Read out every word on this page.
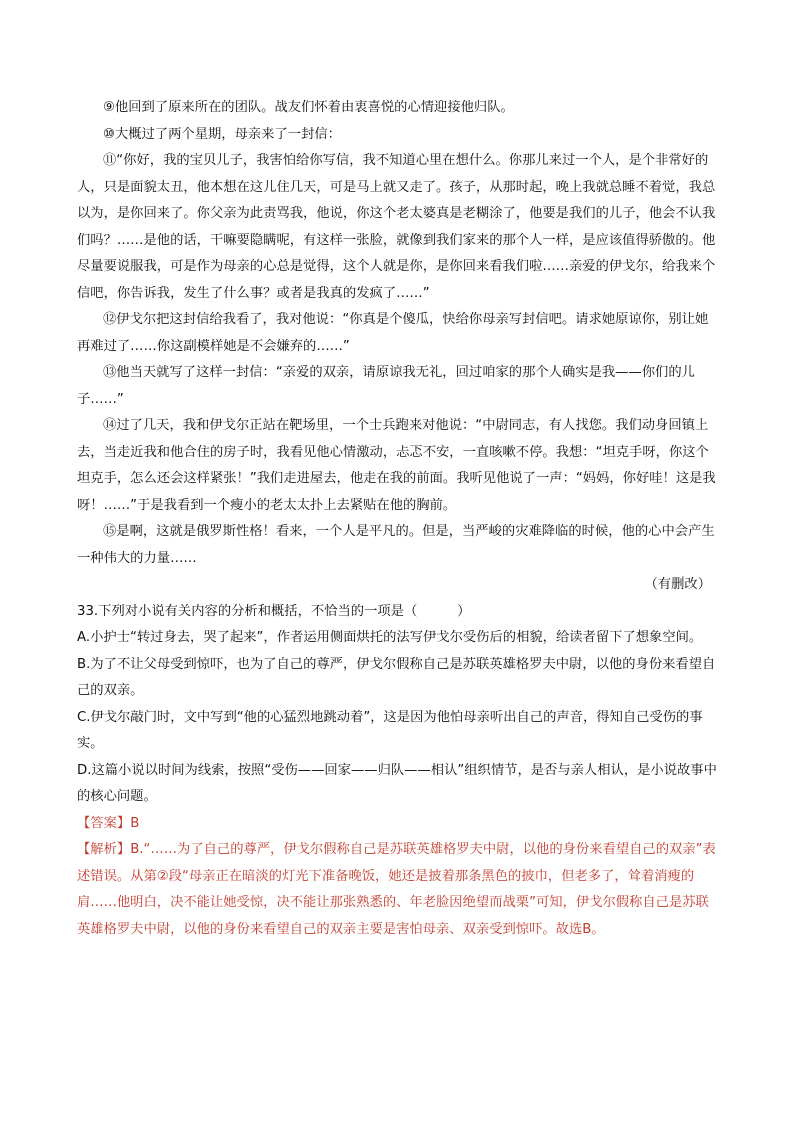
⑨他回到了原来所在的团队。战友们怀着由衷喜悦的心情迎接他归队。

⑩大概过了两个星期，母亲来了一封信：

⑪“你好，我的宝贝儿子，我害怕给你写信，我不知道心里在想什么。你那儿来过一个人，是个非常好的人，只是面貌太丑，他本想在这儿住几天，可是马上就又走了。孩子，从那时起，晚上我就总睡不着觉，我总以为，是你回来了。你父亲为此责骂我，他说，你这个老太婆真是老糊涂了，他要是我们的儿子，他会不认我们吗？……是他的话，干嘛要隐瞒呢，有这样一张脸，就像到我们家来的那个人一样，是应该值得骄傲的。他尽量要说服我，可是作为母亲的心总是觉得，这个人就是你，是你回来看我们啦……亲爱的伊戈尔，给我来个信吧，你告诉我，发生了什么事？或者是我真的发疯了……”

⑫伊戈尔把这封信给我看了，我对他说：“你真是个傻瓜，快给你母亲写封信吧。请求她原谅你，别让她再难过了……你这副模样她是不会嫌弃的……”

⑬他当天就写了这样一封信：“亲爱的双亲，请原谅我无礼，回过咱家的那个人确实是我——你们的儿子……”

⑭过了几天，我和伊戈尔正站在靶场里，一个士兵跑来对他说：“中尉同志，有人找您。我们动身回镇上去，当走近我和他合住的房子时，我看见他心情激动，忐忑不安，一直咳嗽不停。我想：“坦克手呀，你这个坦克手，怎么还会这样紧张！”我们走进屋去，他走在我的前面。我听见他说了一声：“妈妈，你好哇！这是我呀！……”于是我看到一个瘦小的老太太扑上去紧贴在他的胸前。

⑮是啊，这就是俄罗斯性格！看来，一个人是平凡的。但是，当严峻的灾难降临的时候，他的心中会产生一种伟大的力量……

（有删改）

33.下列对小说有关内容的分析和概括，不恰当的一项是（　　　）

A.小护士“转过身去，哭了起来”，作者运用侧面烘托的法写伊戈尔受伤后的相貌，给读者留下了想象空间。

B.为了不让父母受到惊吓，也为了自己的尊严，伊戈尔假称自己是苏联英雄格罗夫中尉，以他的身份来看望自己的双亲。

C.伊戈尔敲门时，文中写到“他的心猛烈地跳动着”，这是因为他怕母亲听出自己的声音，得知自己受伤的事实。

D.这篇小说以时间为线索，按照“受伤——回家——归队——相认”组织情节，是否与亲人相认，是小说故事中的核心问题。

【答案】B

【解析】B.“……为了自己的尊严，伊戈尔假称自己是苏联英雄格罗夫中尉，以他的身份来看望自己的双亲”表述错误。从第②段“母亲正在暗淡的灯光下准备晚饭，她还是披着那条黑色的披巾，但老多了，耸着消瘦的肩……他明白，决不能让她受惊，决不能让那张熟悉的、年老脸因绝望而战栗”可知，伊戈尔假称自己是苏联英雄格罗夫中尉，以他的身份来看望自己的双亲主要是害怕母亲、双亲受到惊吓。故选B。
